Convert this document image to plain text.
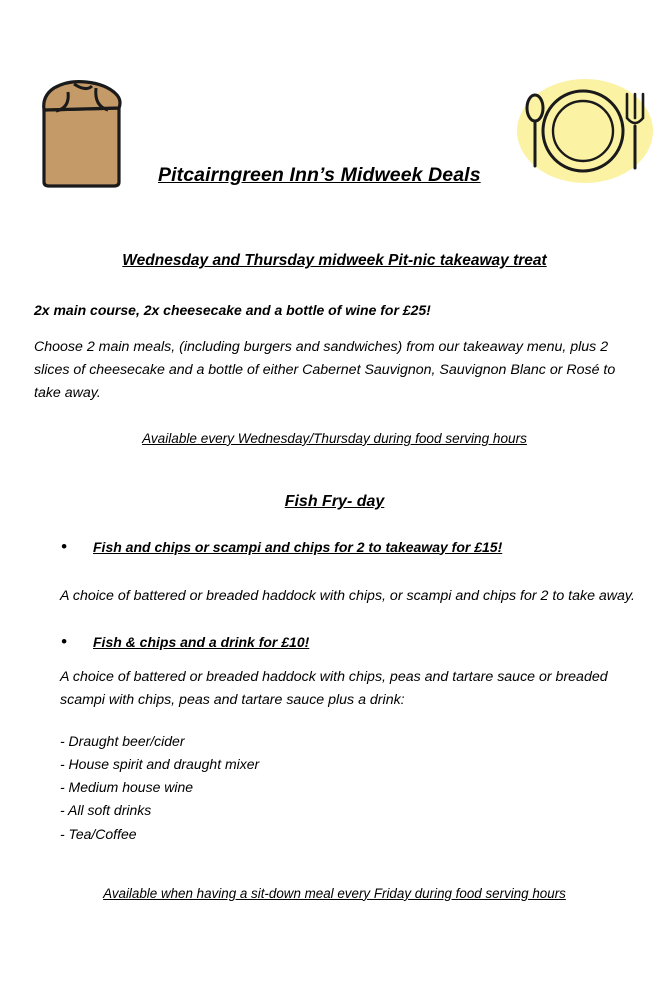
Pitcairngreen Inn’s Midweek Deals
Wednesday and Thursday midweek Pit-nic takeaway treat
2x main course, 2x cheesecake and a bottle of wine for £25!
Choose 2 main meals, (including burgers and sandwiches) from our takeaway menu, plus 2 slices of cheesecake and a bottle of either Cabernet Sauvignon, Sauvignon Blanc or Rosé to take away.
Available every Wednesday/Thursday during food serving hours
Fish Fry- day
• Fish and chips or scampi and chips for 2 to takeaway for £15!
A choice of battered or breaded haddock with chips, or scampi and chips for 2 to take away.
• Fish & chips and a drink for £10!
A choice of battered or breaded haddock with chips, peas and tartare sauce or breaded scampi with chips, peas and tartare sauce plus a drink:
- Draught beer/cider
- House spirit and draught mixer
- Medium house wine
- All soft drinks
- Tea/Coffee
Available when having a sit-down meal every Friday during food serving hours
